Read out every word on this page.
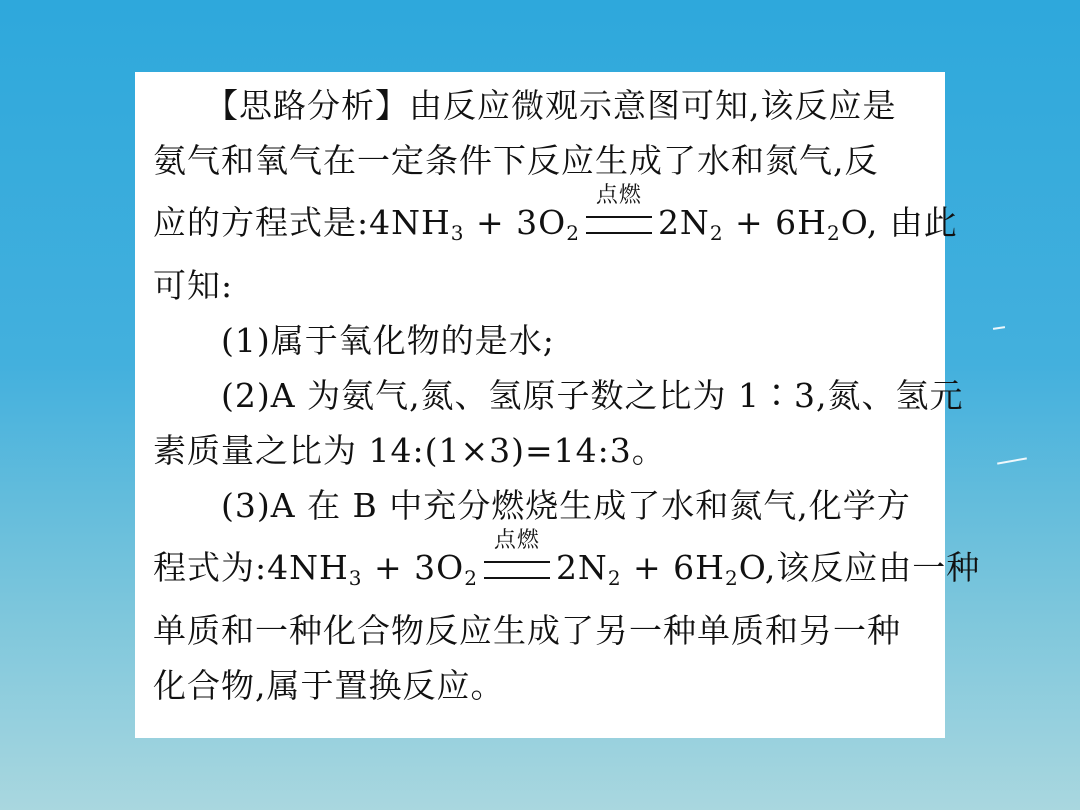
【思路分析】由反应微观示意图可知,该反应是
氨气和氧气在一定条件下反应生成了水和氮气,反
应的方程式是$:4NH_3 + 3O_2$
点燃
$2N_2 + 6H_2O$, 由此
可知:
(1)属于氧化物的是水;
(2)A 为氨气,氮、氢原子数之比为 1∶3,氮、氢元
素质量之比为 14:(1×3)=14:3。
(3)A 在 B 中充分燃烧生成了水和氮气,化学方
程式为$:4NH_3 + 3O_2$
点燃
$2N_2 + 6H_2O$,该反应由一种
单质和一种化合物反应生成了另一种单质和另一种
化合物,属于置换反应。
